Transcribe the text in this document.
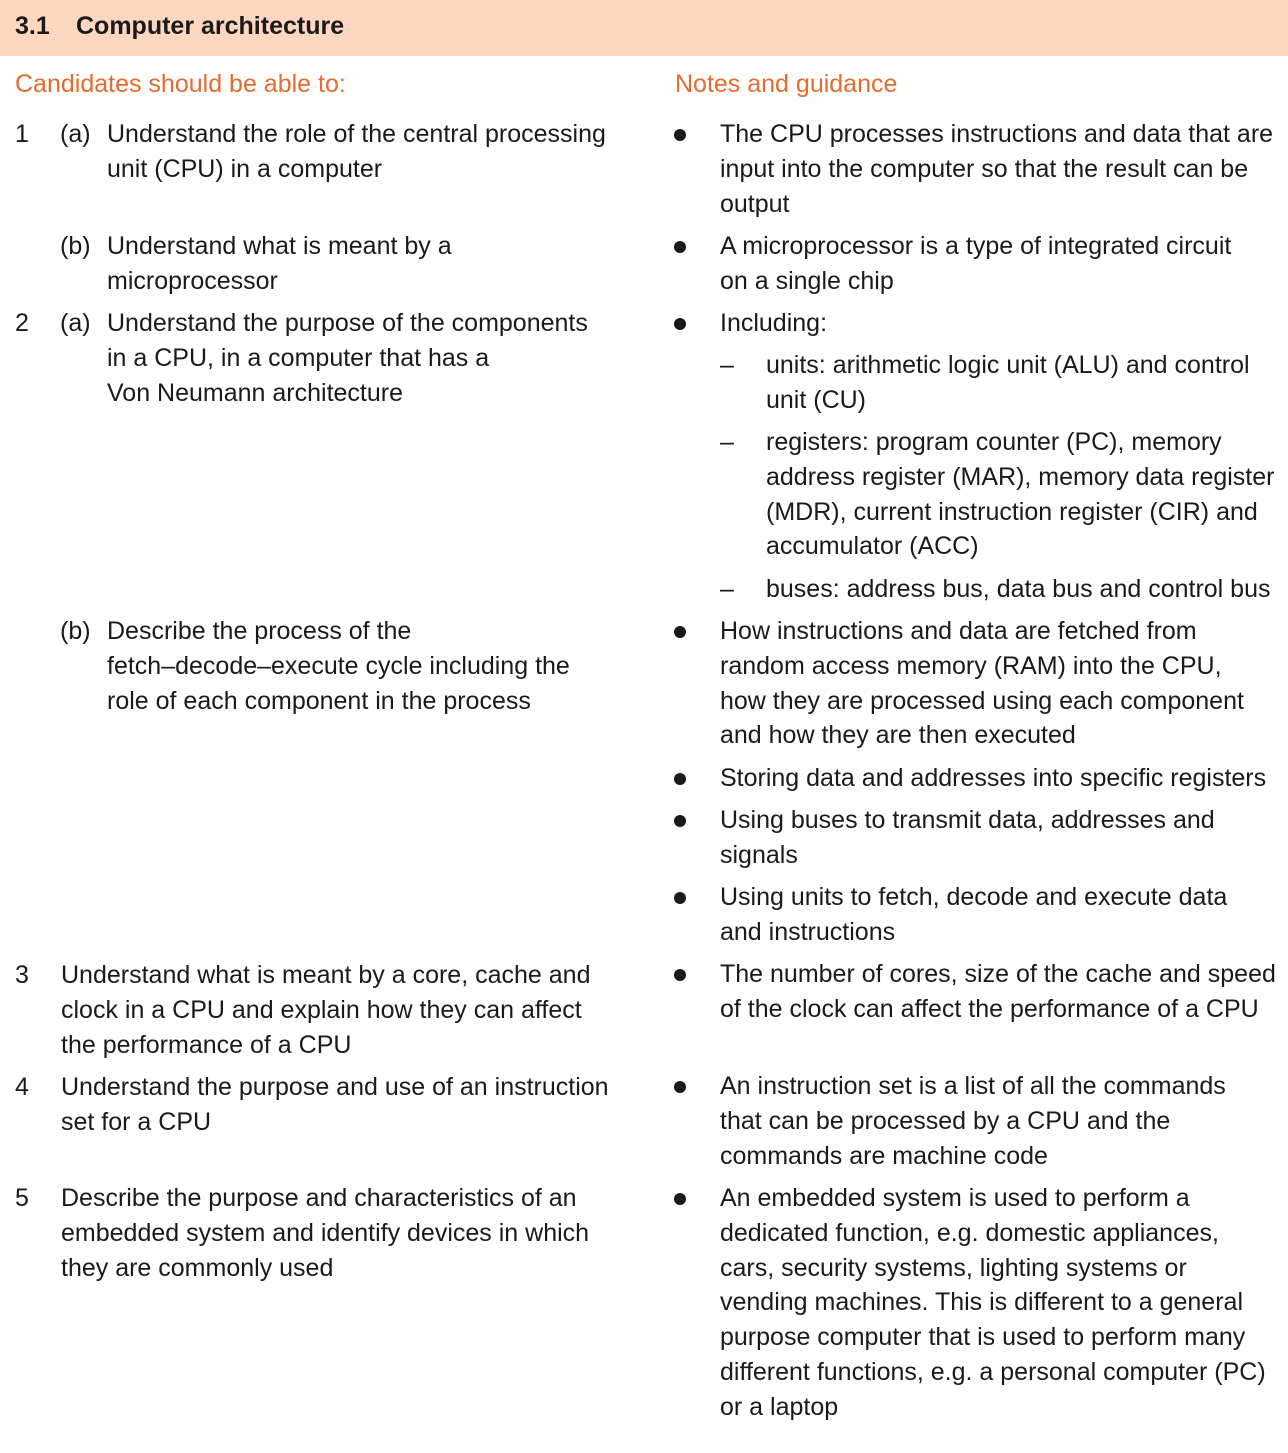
3.1 Computer architecture
Candidates should be able to:	Notes and guidance
1 (a) Understand the role of the central processing
unit (CPU) in a computer
(b) Understand what is meant by a
microprocessor
2 (a) Understand the purpose of the components
in a CPU, in a computer that has a
Von Neumann architecture
(b) Describe the process of the
fetch–decode–execute cycle including the
role of each component in the process
3 Understand what is meant by a core, cache and
clock in a CPU and explain how they can affect
the performance of a CPU
4 Understand the purpose and use of an instruction
set for a CPU
5 Describe the purpose and characteristics of an
embedded system and identify devices in which
they are commonly used
The CPU processes instructions and data that are
input into the computer so that the result can be
output
A microprocessor is a type of integrated circuit
on a single chip
Including:
– units: arithmetic logic unit (ALU) and control
unit (CU)
– registers: program counter (PC), memory
address register (MAR), memory data register
(MDR), current instruction register (CIR) and
accumulator (ACC)
– buses: address bus, data bus and control bus
How instructions and data are fetched from
random access memory (RAM) into the CPU,
how they are processed using each component
and how they are then executed
Storing data and addresses into specific registers
Using buses to transmit data, addresses and
signals
Using units to fetch, decode and execute data
and instructions
The number of cores, size of the cache and speed
of the clock can affect the performance of a CPU
An instruction set is a list of all the commands
that can be processed by a CPU and the
commands are machine code
An embedded system is used to perform a
dedicated function, e.g. domestic appliances,
cars, security systems, lighting systems or
vending machines. This is different to a general
purpose computer that is used to perform many
different functions, e.g. a personal computer (PC)
or a laptop
